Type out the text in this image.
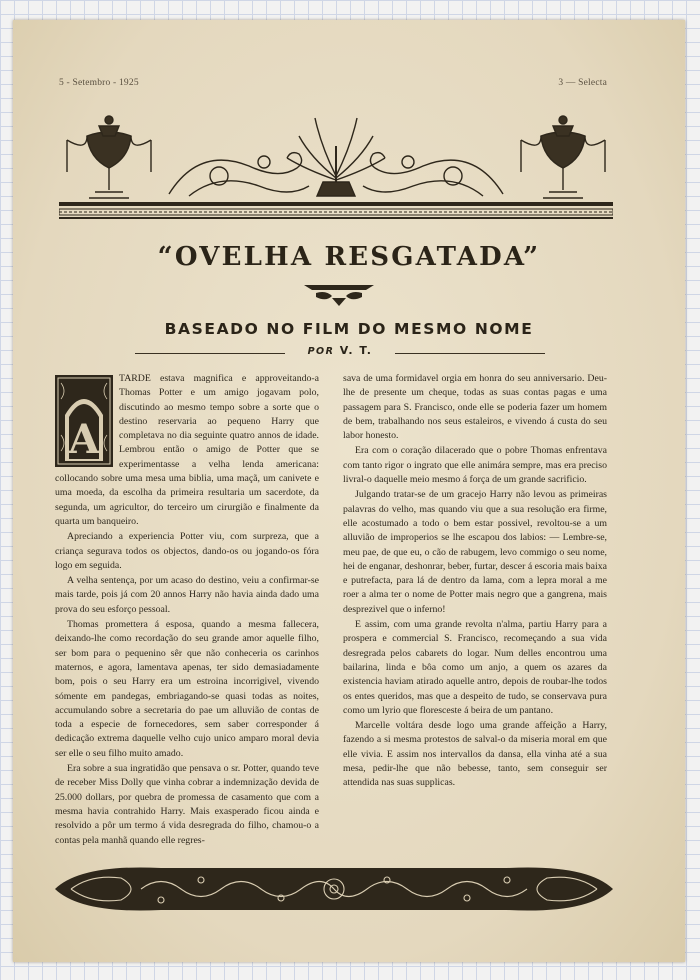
5 - Setembro - 1925	3 — Selecta
“OVELHA RESGATADA”
BASEADO NO FILM DO MESMO NOME
POR V. T.
A

TARDE estava magnifica e approveitando-a Thomas Potter e um amigo jogavam polo, discutindo ao mesmo tempo sobre a sorte que o destino reservaria ao pequeno Harry que completava no dia seguinte quatro annos de idade. Lembrou então o amigo de Potter que se experimentasse a velha lenda americana: collocando sobre uma mesa uma biblia, uma maçã, um canivete e uma moeda, da escolha da primeira resultaria um sacerdote, da segunda, um agricultor, do terceiro um cirurgião e finalmente da quarta um banqueiro.

Apreciando a experiencia Potter viu, com surpreza, que a criança segurava todos os objectos, dando-os ou jogando-os fóra logo em seguida.

A velha sentença, por um acaso do destino, veiu a confirmar-se mais tarde, pois já com 20 annos Harry não havia ainda dado uma prova do seu esforço pessoal.

Thomas promettera á esposa, quando a mesma fallecera, deixando-lhe como recordação do seu grande amor aquelle filho, ser bom para o pequenino sêr que não conheceria os carinhos maternos, e agora, lamentava apenas, ter sido demasiadamente bom, pois o seu Harry era um estroina incorrigivel, vivendo sómente em pandegas, embriagando-se quasi todas as noites, accumulando sobre a secretaria do pae um alluvião de contas de toda a especie de fornecedores, sem saber corresponder á dedicação extrema daquelle velho cujo unico amparo moral devia ser elle o seu filho muito amado.

Era sobre a sua ingratidão que pensava o sr. Potter, quando teve de receber Miss Dolly que vinha cobrar a indemnização devida de 25.000 dollars, por quebra de promessa de casamento que com a mesma havia contrahido Harry. Mais exasperado ficou ainda e resolvido a pôr um termo á vida desregrada do filho, chamou-o a contas pela manhã quando elle regres-

sava de uma formidavel orgia em honra do seu anniversario. Deu-lhe de presente um cheque, todas as suas contas pagas e uma passagem para S. Francisco, onde elle se poderia fazer um homem de bem, trabalhando nos seus estaleiros, e vivendo á custa do seu labor honesto.

Era com o coração dilacerado que o pobre Thomas enfrentava com tanto rigor o ingrato que elle animára sempre, mas era preciso livral-o daquelle meio mesmo á força de um grande sacrificio.

Julgando tratar-se de um gracejo Harry não levou as primeiras palavras do velho, mas quando viu que a sua resolução era firme, elle acostumado a todo o bem estar possivel, revoltou-se a um alluvião de improperios se lhe escapou dos labios: — Lembre-se, meu pae, de que eu, o cão de rabugem, levo commigo o seu nome, hei de enganar, deshonrar, beber, furtar, descer á escoria mais baixa e putrefacta, para lá de dentro da lama, com a lepra moral a me roer a alma ter o nome de Potter mais negro que a gangrena, mais desprezivel que o inferno!

E assim, com uma grande revolta n'alma, partiu Harry para a prospera e commercial S. Francisco, recomeçando a sua vida desregrada pelos cabarets do logar. Num delles encontrou uma bailarina, linda e bôa como um anjo, a quem os azares da existencia haviam atirado aquelle antro, depois de roubar-lhe todos os entes queridos, mas que a despeito de tudo, se conservava pura como um lyrio que floresceste á beira de um pantano.

Marcelle voltára desde logo uma grande affeição a Harry, fazendo a si mesma protestos de salval-o da miseria moral em que elle vivia. E assim nos intervallos da dansa, ella vinha até a sua mesa, pedir-lhe que não bebesse, tanto, sem conseguir ser attendida nas suas supplicas.
